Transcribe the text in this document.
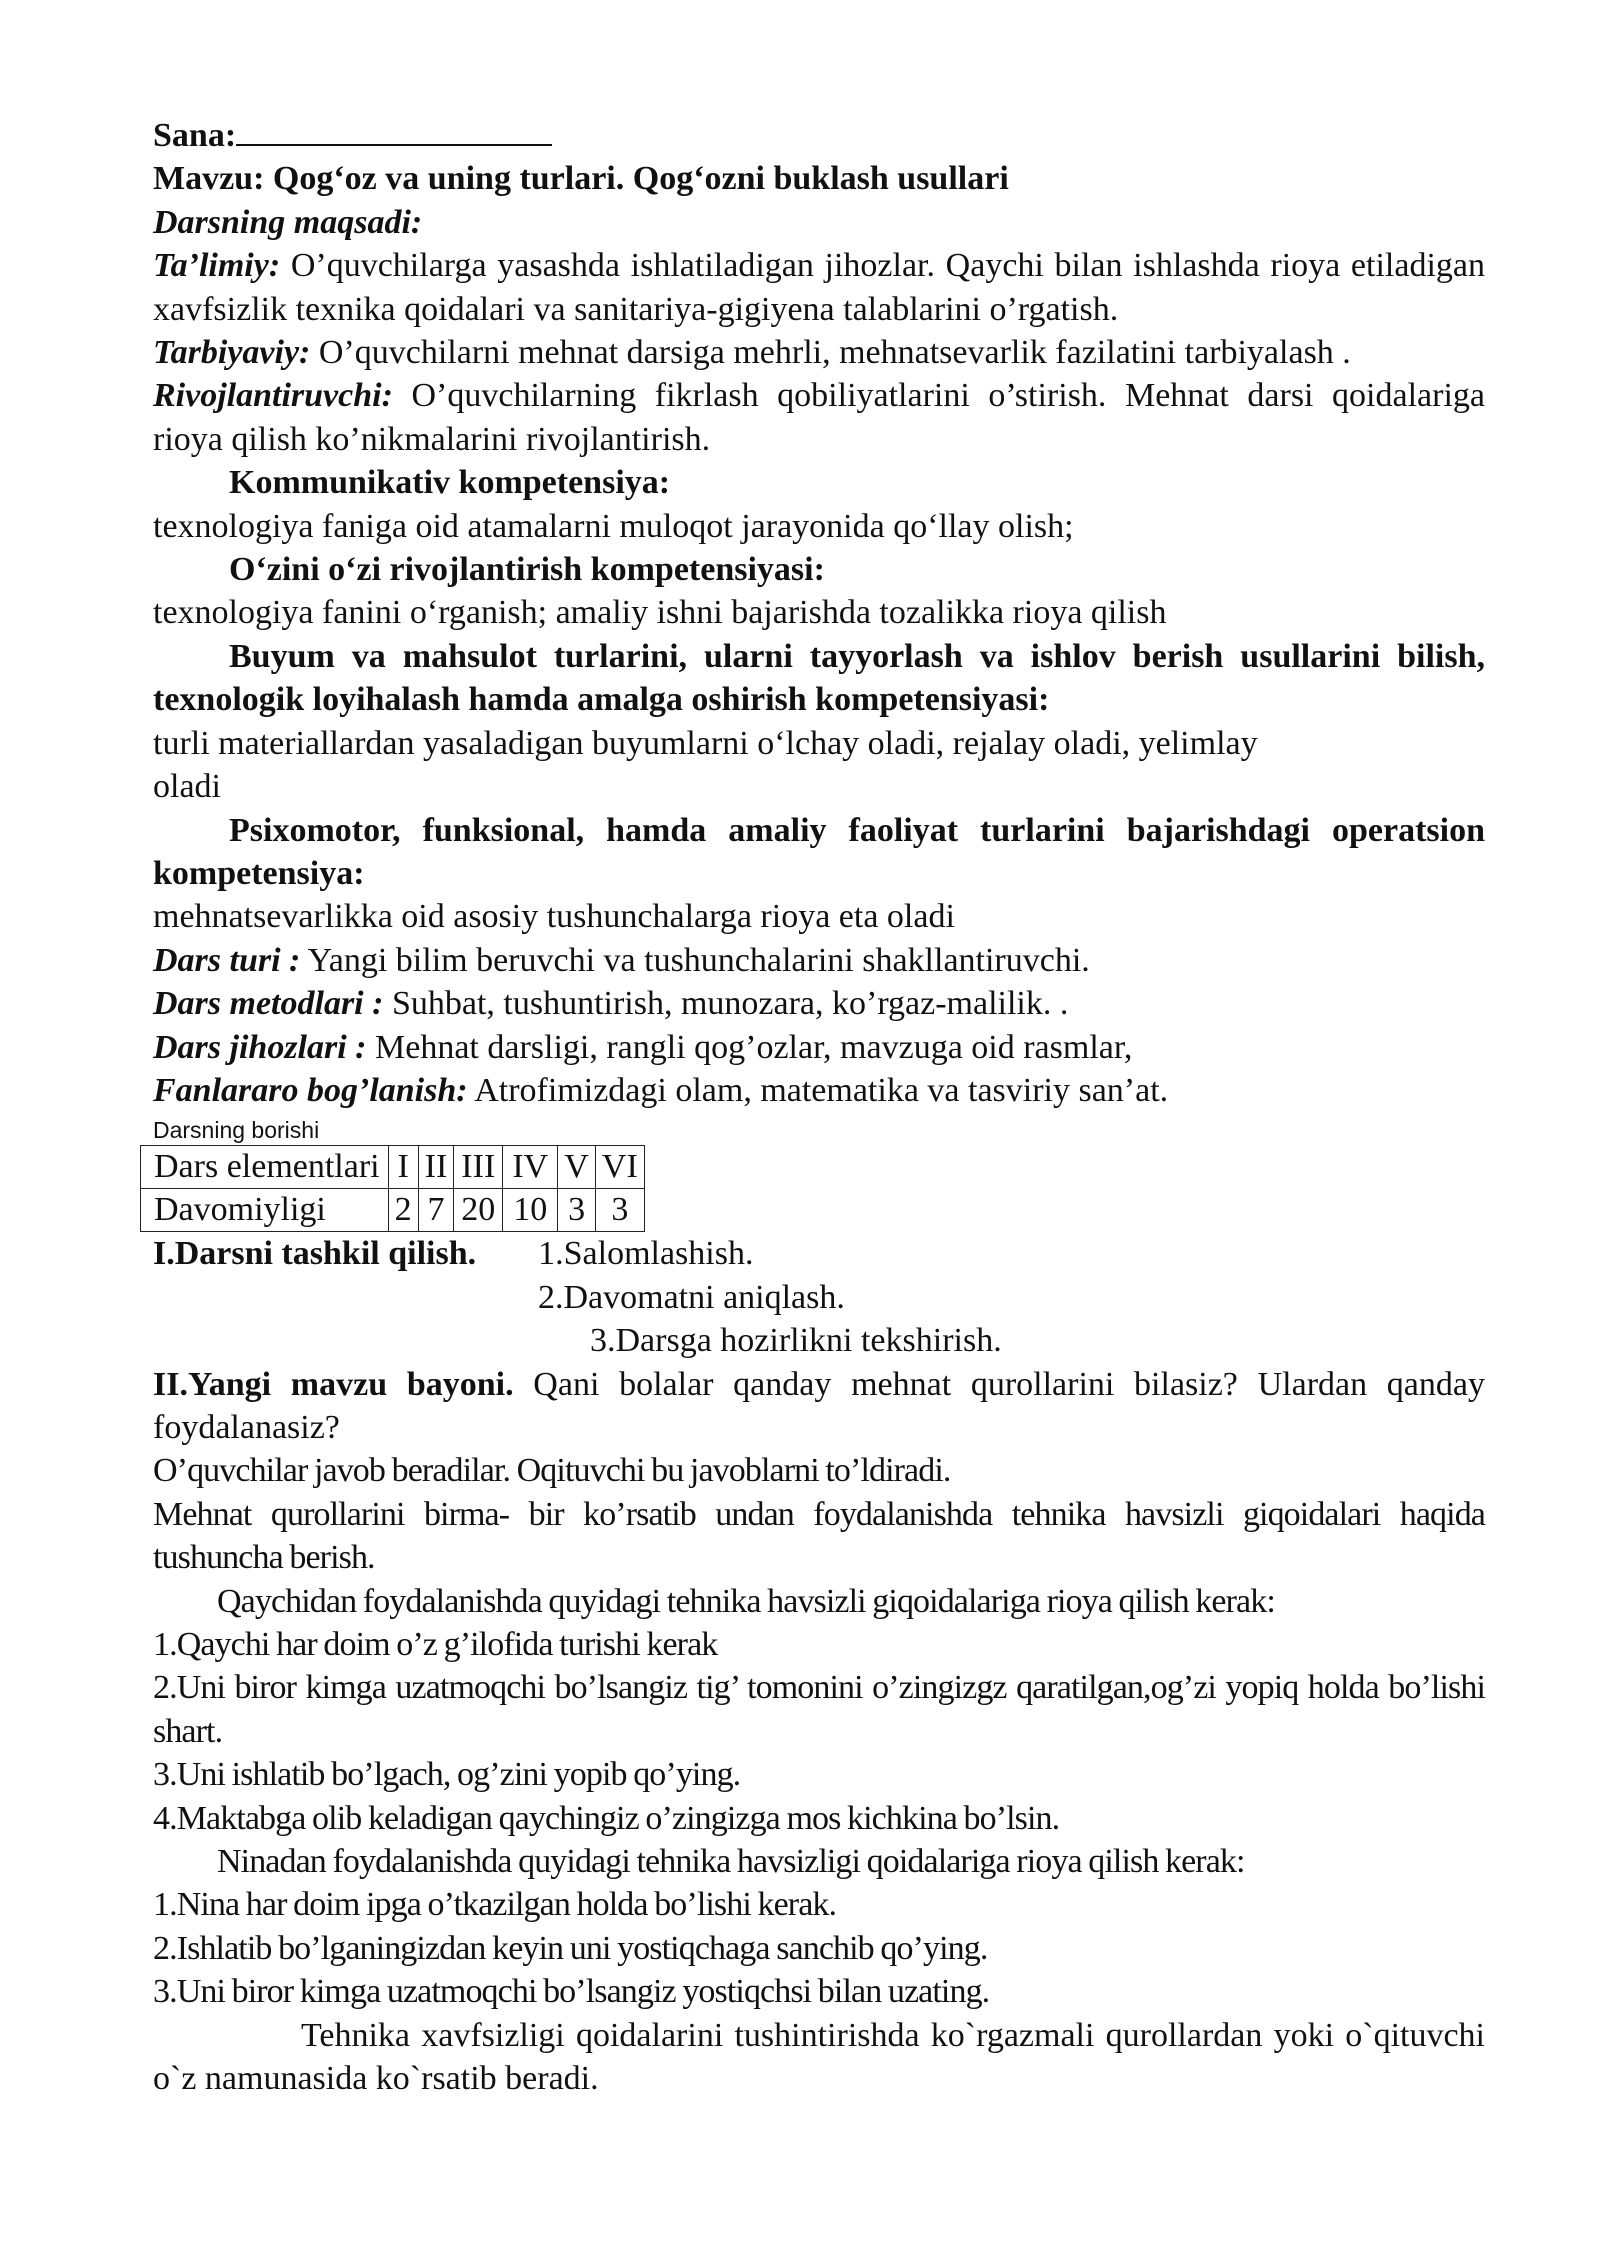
Sana:

Mavzu: Qog‘oz va uning turlari. Qog‘ozni buklash usullari

Darsning maqsadi:

Ta’limiy: O’quvchilarga yasashda ishlatiladigan jihozlar. Qaychi bilan ishlashda rioya etiladigan xavfsizlik texnika qoidalari va sanitariya-gigiyena talablarini o’rgatish.

Tarbiyaviy: O’quvchilarni mehnat darsiga mehrli, mehnatsevarlik fazilatini tarbiyalash .

Rivojlantiruvchi: O’quvchilarning fikrlash qobiliyatlarini o’stirish. Mehnat darsi qoidalariga rioya qilish ko’nikmalarini rivojlantirish.

Kommunikativ kompetensiya:

texnologiya faniga oid atamalarni muloqot jarayonida qo‘llay olish;

O‘zini o‘zi rivojlantirish kompetensiyasi:

texnologiya fanini o‘rganish; amaliy ishni bajarishda tozalikka rioya qilish

Buyum va mahsulot turlarini, ularni tayyorlash va ishlov berish usullarini bilish, texnologik loyihalash hamda amalga oshirish kompetensiyasi:

turli materiallardan yasaladigan buyumlarni o‘lchay oladi, rejalay oladi, yelimlay oladi

Psixomotor, funksional, hamda amaliy faoliyat turlarini bajarishdagi operatsion kompetensiya:

mehnatsevarlikka oid asosiy tushunchalarga rioya eta oladi

Dars turi : Yangi bilim beruvchi va tushunchalarini shakllantiruvchi.

Dars metodlari : Suhbat, tushuntirish, munozara, ko’rgaz-malilik. .

Dars jihozlari : Mehnat darsligi, rangli qog’ozlar, mavzuga oid rasmlar,

Fanlararo bog’lanish: Atrofimizdagi olam, matematika va tasviriy san’at.

Darsning borishi

Dars elementlari	I	II	III	IV	V	VI
Davomiyligi	2	7	20	10	3	3
I.Darsni tashkil qilish.	1.Salomlashish.

2.Davomatni aniqlash.

3.Darsga hozirlikni tekshirish.

II.Yangi mavzu bayoni. Qani bolalar qanday mehnat qurollarini bilasiz? Ulardan qanday foydalanasiz?

O’quvchilar javob beradilar. Oqituvchi bu javoblarni to’ldiradi.

Mehnat qurollarini birma- bir ko’rsatib undan foydalanishda tehnika havsizli giqoidalari haqida tushuncha berish.

Qaychidan foydalanishda quyidagi tehnika havsizli giqoidalariga rioya qilish kerak:

1.Qaychi har doim o’z g’ilofida turishi kerak

2.Uni biror kimga uzatmoqchi bo’lsangiz tig’ tomonini o’zingizgz qaratilgan,og’zi yopiq holda bo’lishi shart.

3.Uni ishlatib bo’lgach, og’zini yopib qo’ying.

4.Maktabga olib keladigan qaychingiz o’zingizga mos kichkina bo’lsin.

Ninadan foydalanishda quyidagi tehnika havsizligi qoidalariga rioya qilish kerak:

1.Nina har doim ipga o’tkazilgan holda bo’lishi kerak.

2.Ishlatib bo’lganingizdan keyin uni yostiqchaga sanchib qo’ying.

3.Uni biror kimga uzatmoqchi bo’lsangiz yostiqchsi bilan uzating.

Tehnika xavfsizligi qoidalarini tushintirishda ko`rgazmali qurollardan yoki o`qituvchi o`z namunasida ko`rsatib beradi.
